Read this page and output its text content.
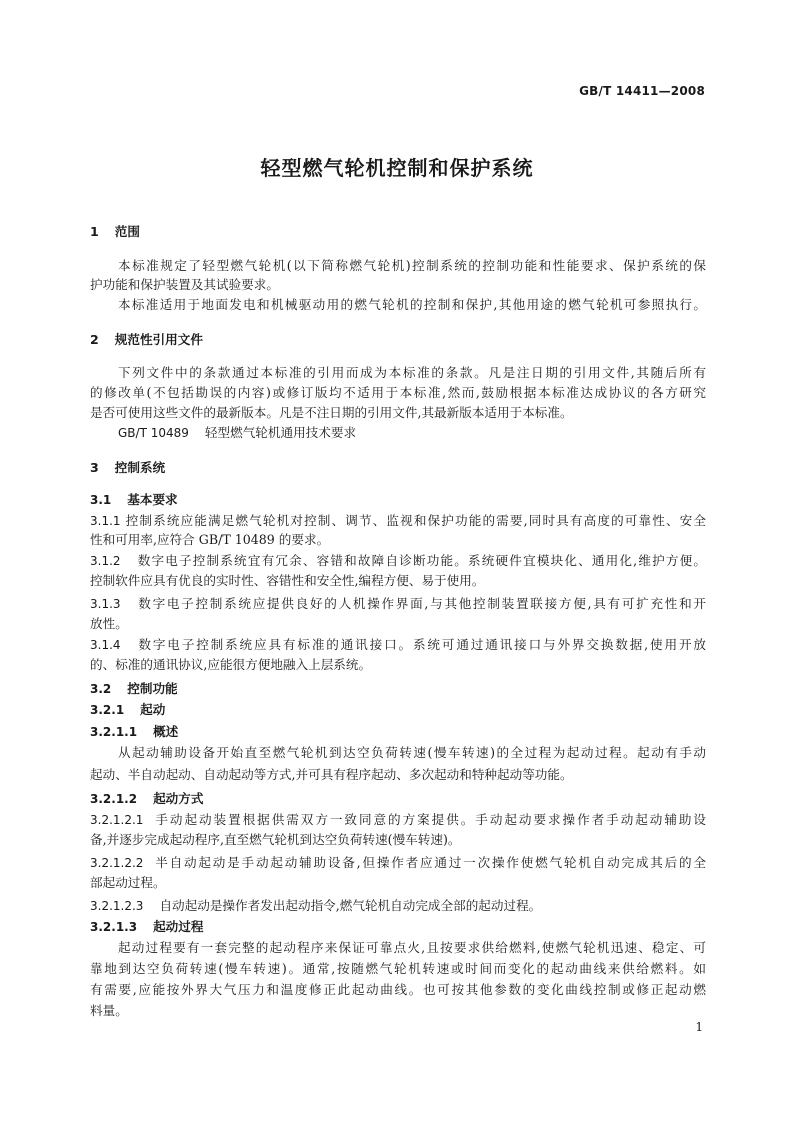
GB/T 14411—2008
轻型燃气轮机控制和保护系统
1 范围
本标准规定了轻型燃气轮机(以下简称燃气轮机)控制系统的控制功能和性能要求、保护系统的保
护功能和保护装置及其试验要求。
本标准适用于地面发电和机械驱动用的燃气轮机的控制和保护,其他用途的燃气轮机可参照执行。
2 规范性引用文件
下列文件中的条款通过本标准的引用而成为本标准的条款。凡是注日期的引用文件,其随后所有
的修改单(不包括勘误的内容)或修订版均不适用于本标准,然而,鼓励根据本标准达成协议的各方研究
是否可使用这些文件的最新版本。凡是不注日期的引用文件,其最新版本适用于本标准。
GB/T 10489 轻型燃气轮机通用技术要求
3 控制系统
3.1 基本要求
3.1.1 控制系统应能满足燃气轮机对控制、调节、监视和保护功能的需要,同时具有高度的可靠性、安全
性和可用率,应符合 GB/T 10489 的要求。
3.1.2 数字电子控制系统宜有冗余、容错和故障自诊断功能。系统硬件宜模块化、通用化,维护方便。
控制软件应具有优良的实时性、容错性和安全性,编程方便、易于使用。
3.1.3 数字电子控制系统应提供良好的人机操作界面,与其他控制装置联接方便,具有可扩充性和开
放性。
3.1.4 数字电子控制系统应具有标准的通讯接口。系统可通过通讯接口与外界交换数据,使用开放
的、标准的通讯协议,应能很方便地融入上层系统。
3.2 控制功能
3.2.1 起动
3.2.1.1 概述
从起动辅助设备开始直至燃气轮机到达空负荷转速(慢车转速)的全过程为起动过程。起动有手动
起动、半自动起动、自动起动等方式,并可具有程序起动、多次起动和特种起动等功能。
3.2.1.2 起动方式
3.2.1.2.1 手动起动装置根据供需双方一致同意的方案提供。手动起动要求操作者手动起动辅助设
备,并逐步完成起动程序,直至燃气轮机到达空负荷转速(慢车转速)。
3.2.1.2.2 半自动起动是手动起动辅助设备,但操作者应通过一次操作使燃气轮机自动完成其后的全
部起动过程。
3.2.1.2.3 自动起动是操作者发出起动指令,燃气轮机自动完成全部的起动过程。
3.2.1.3 起动过程
起动过程要有一套完整的起动程序来保证可靠点火,且按要求供给燃料,使燃气轮机迅速、稳定、可
靠地到达空负荷转速(慢车转速)。通常,按随燃气轮机转速或时间而变化的起动曲线来供给燃料。如
有需要,应能按外界大气压力和温度修正此起动曲线。也可按其他参数的变化曲线控制或修正起动燃
料量。
1
